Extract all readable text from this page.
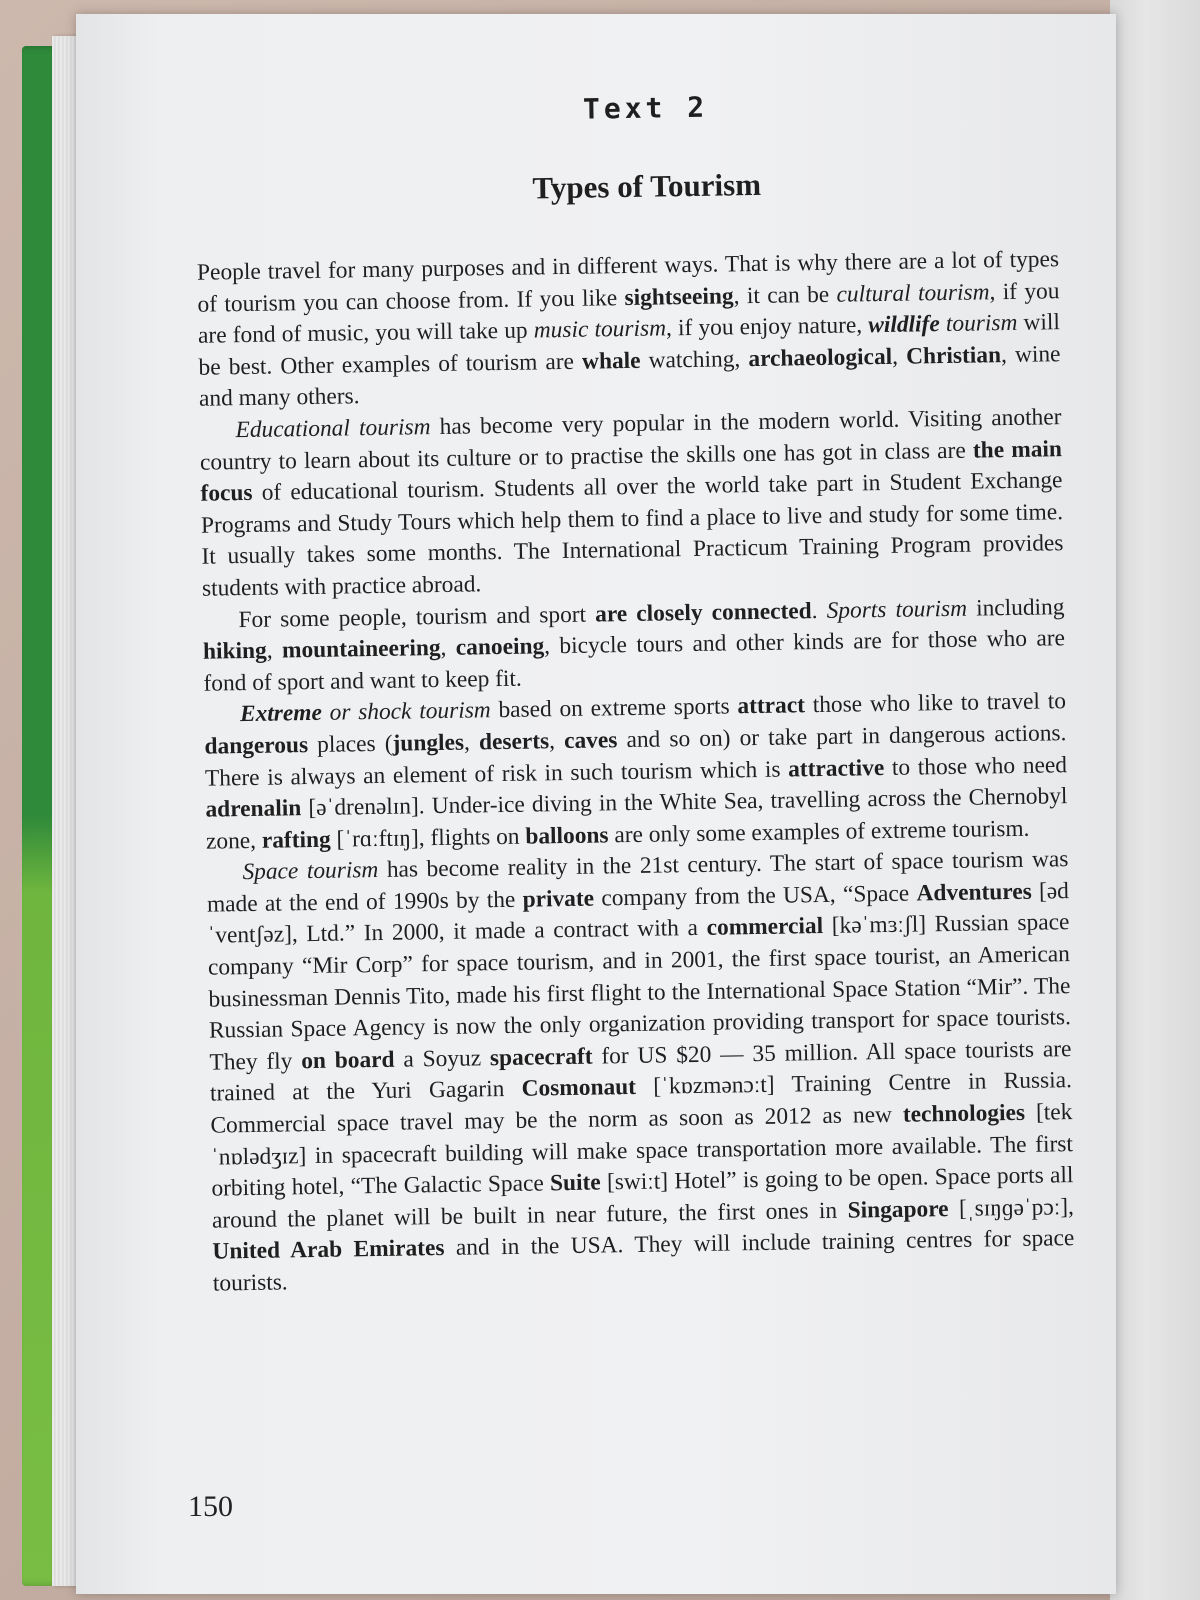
Text 2
Types of Tourism

People travel for many purposes and in different ways. That is why there are a lot of types of tourism you can choose from. If you like sightseeing, it can be cultural tourism, if you are fond of music, you will take up music tourism, if you enjoy nature, wildlife tourism will be best. Other examples of tourism are whale watching, archaeological, Christian, wine and many others.

Educational tourism has become very popular in the modern world. Visiting another country to learn about its culture or to practise the skills one has got in class are the main focus of educational tourism. Students all over the world take part in Student Exchange Programs and Study Tours which help them to find a place to live and study for some time. It usually takes some months. The International Practicum Training Program provides students with practice abroad.

For some people, tourism and sport are closely connected. Sports tourism including hiking, mountaineering, canoeing, bicycle tours and other kinds are for those who are fond of sport and want to keep fit.

Extreme or shock tourism based on extreme sports attract those who like to travel to dangerous places (jungles, deserts, caves and so on) or take part in dangerous actions. There is always an element of risk in such tourism which is attractive to those who need adrenalin [əˈdrenəlɪn]. Under-ice diving in the White Sea, travelling across the Chernobyl zone, rafting [ˈrɑːftɪŋ], flights on balloons are only some examples of extreme tourism.

Space tourism has become reality in the 21st century. The start of space tourism was made at the end of 1990s by the private company from the USA, “Space Adventures [ədˈventʃəz], Ltd.” In 2000, it made a contract with a commercial [kəˈmɜːʃl] Russian space company “Mir Corp” for space tourism, and in 2001, the first space tourist, an American businessman Dennis Tito, made his first flight to the International Space Station “Mir”. The Russian Space Agency is now the only organization providing transport for space tourists. They fly on board a Soyuz spacecraft for US $20 — 35 million. All space tourists are trained at the Yuri Gagarin Cosmonaut [ˈkɒzmənɔːt] Training Centre in Russia. Commercial space travel may be the norm as soon as 2012 as new technologies [tekˈnɒlədʒɪz] in spacecraft building will make space transportation more available. The first orbiting hotel, “The Galactic Space Suite [swiːt] Hotel” is going to be open. Space ports all around the planet will be built in near future, the first ones in Singapore [ˌsɪŋɡəˈpɔː], United Arab Emirates and in the USA. They will include training centres for space tourists.

150
